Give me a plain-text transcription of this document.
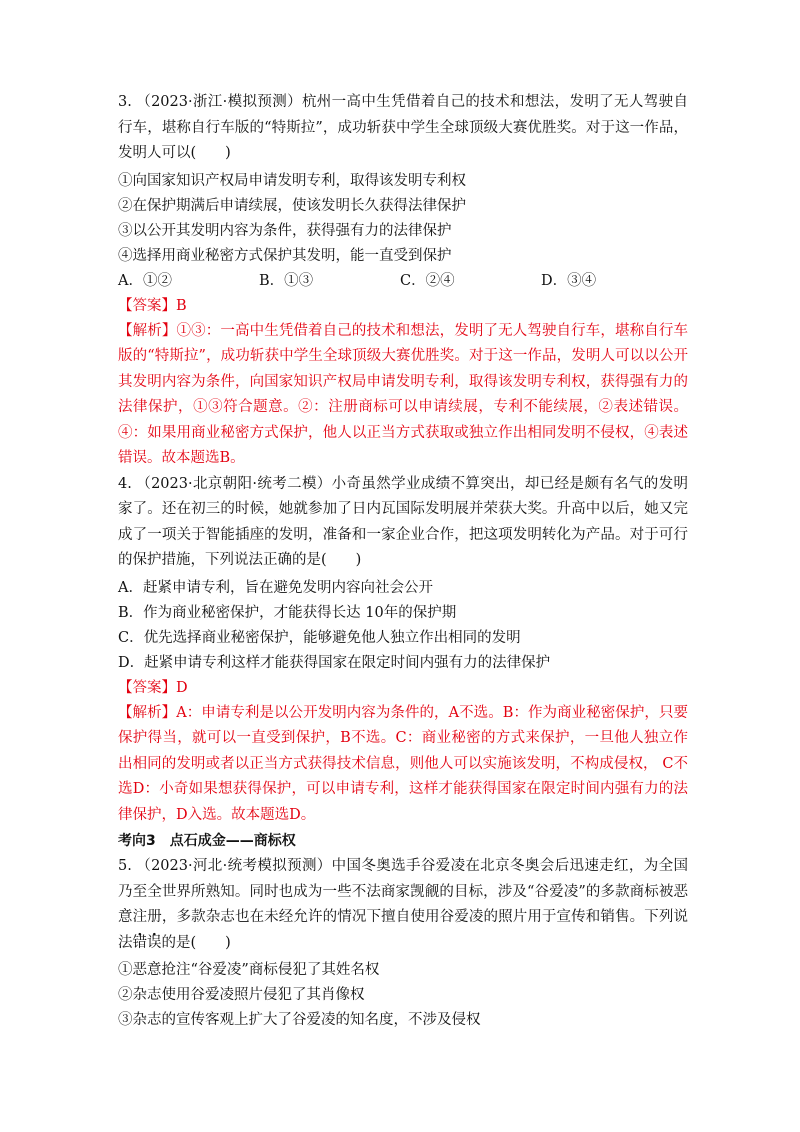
3. （2023·浙江·模拟预测）杭州一高中生凭借着自己的技术和想法，发明了无人驾驶自行车，堪称自行车版的“特斯拉”，成功斩获中学生全球顶级大赛优胜奖。对于这一作品，发明人可以(　　)
①向国家知识产权局申请发明专利，取得该发明专利权
②在保护期满后申请续展，使该发明长久获得法律保护
③以公开其发明内容为条件，获得强有力的法律保护
④选择用商业秘密方式保护其发明，能一直受到保护
A．①②	B．①③	C．②④	D．③④
【答案】B
【解析】①③：一高中生凭借着自己的技术和想法，发明了无人驾驶自行车，堪称自行车版的“特斯拉”，成功斩获中学生全球顶级大赛优胜奖。对于这一作品，发明人可以以公开其发明内容为条件，向国家知识产权局申请发明专利，取得该发明专利权，获得强有力的法律保护，①③符合题意。②：注册商标可以申请续展，专利不能续展，②表述错误。④：如果用商业秘密方式保护，他人以正当方式获取或独立作出相同发明不侵权，④表述错误。故本题选B。
4. （2023·北京朝阳·统考二模）小奇虽然学业成绩不算突出，却已经是颇有名气的发明家了。还在初三的时候，她就参加了日内瓦国际发明展并荣获大奖。升高中以后，她又完成了一项关于智能插座的发明，准备和一家企业合作，把这项发明转化为产品。对于可行的保护措施，下列说法正确的是(　　)
A．赶紧申请专利，旨在避免发明内容向社会公开
B．作为商业秘密保护，才能获得长达 10年的保护期
C．优先选择商业秘密保护，能够避免他人独立作出相同的发明
D．赶紧申请专利这样才能获得国家在限定时间内强有力的法律保护
【答案】D
【解析】A：申请专利是以公开发明内容为条件的，A不选。B：作为商业秘密保护，只要保护得当，就可以一直受到保护，B不选。C：商业秘密的方式来保护，一旦他人独立作出相同的发明或者以正当方式获得技术信息，则他人可以实施该发明，不构成侵权， C不选D：小奇如果想获得保护，可以申请专利，这样才能获得国家在限定时间内强有力的法律保护，D入选。故本题选D。
考向3　点石成金——商标权
5. （2023·河北·统考模拟预测）中国冬奥选手谷爱凌在北京冬奥会后迅速走红，为全国乃至全世界所熟知。同时也成为一些不法商家觊觎的目标，涉及“谷爱凌”的多款商标被恶意注册，多款杂志也在未经允许的情况下擅自使用谷爱凌的照片用于宣传和销售。下列说法错误的是(　　)
①恶意抢注“谷爱凌”商标侵犯了其姓名权
②杂志使用谷爱凌照片侵犯了其肖像权
③杂志的宣传客观上扩大了谷爱凌的知名度，不涉及侵权
